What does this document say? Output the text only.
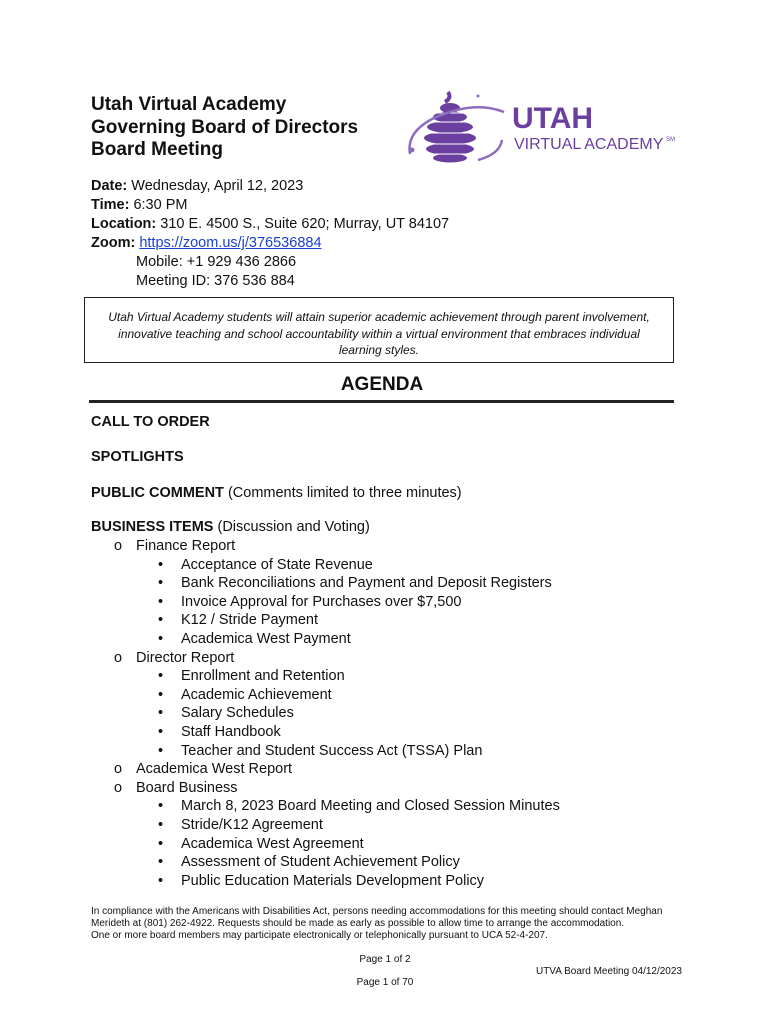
Utah Virtual Academy
Governing Board of Directors
Board Meeting
UTAH
VIRTUAL ACADEMY SM
Date: Wednesday, April 12, 2023
Time: 6:30 PM
Location: 310 E. 4500 S., Suite 620; Murray, UT 84107
Zoom: https://zoom.us/j/376536884
Mobile: +1 929 436 2866
Meeting ID: 376 536 884
Utah Virtual Academy students will attain superior academic achievement through parent involvement,
innovative teaching and school accountability within a virtual environment that embraces individual
learning styles.
AGENDA
CALL TO ORDER
SPOTLIGHTS
PUBLIC COMMENT (Comments limited to three minutes)
BUSINESS ITEMS (Discussion and Voting)
o Finance Report
• Acceptance of State Revenue
• Bank Reconciliations and Payment and Deposit Registers
• Invoice Approval for Purchases over $7,500
• K12 / Stride Payment
• Academica West Payment
o Director Report
• Enrollment and Retention
• Academic Achievement
• Salary Schedules
• Staff Handbook
• Teacher and Student Success Act (TSSA) Plan
o Academica West Report
o Board Business
• March 8, 2023 Board Meeting and Closed Session Minutes
• Stride/K12 Agreement
• Academica West Agreement
• Assessment of Student Achievement Policy
• Public Education Materials Development Policy
In compliance with the Americans with Disabilities Act, persons needing accommodations for this meeting should contact Meghan
Merideth at (801) 262-4922. Requests should be made as early as possible to allow time to arrange the accommodation.
One or more board members may participate electronically or telephonically pursuant to UCA 52-4-207.
Page 1 of 2
UTVA Board Meeting 04/12/2023
Page 1 of 70
